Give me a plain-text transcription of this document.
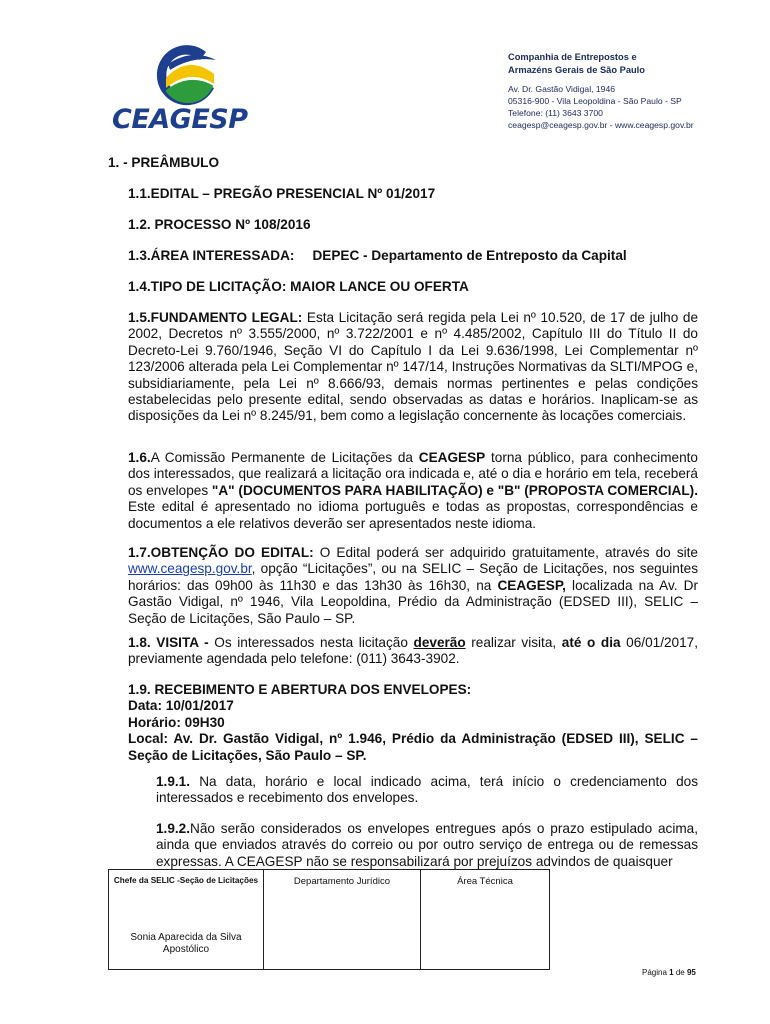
CEAGESP
Companhia de Entrepostos e
Armazéns Gerais de São Paulo
Av. Dr. Gastão Vidigal, 1946
05316-900 - Vila Leopoldina - São Paulo - SP
Telefone: (11) 3643 3700
ceagesp@ceagesp.gov.br - www.ceagesp.gov.br
1. - PREÂMBULO
1.1.EDITAL – PREGÃO PRESENCIAL Nº 01/2017
1.2. PROCESSO Nº 108/2016
1.3.ÁREA INTERESSADA: DEPEC - Departamento de Entreposto da Capital
1.4.TIPO DE LICITAÇÃO: MAIOR LANCE OU OFERTA
1.5.FUNDAMENTO LEGAL: Esta Licitação será regida pela Lei nº 10.520, de 17 de julho de 2002, Decretos nº 3.555/2000, nº 3.722/2001 e nº 4.485/2002, Capítulo III do Título II do Decreto-Lei 9.760/1946, Seção VI do Capítulo I da Lei 9.636/1998, Lei Complementar nº 123/2006 alterada pela Lei Complementar nº 147/14, Instruções Normativas da SLTI/MPOG e, subsidiariamente, pela Lei nº 8.666/93, demais normas pertinentes e pelas condições estabelecidas pelo presente edital, sendo observadas as datas e horários. Inaplicam-se as disposições da Lei nº 8.245/91, bem como a legislação concernente às locações comerciais.
1.6.A Comissão Permanente de Licitações da CEAGESP torna público, para conhecimento dos interessados, que realizará a licitação ora indicada e, até o dia e horário em tela, receberá os envelopes "A" (DOCUMENTOS PARA HABILITAÇÃO) e "B" (PROPOSTA COMERCIAL). Este edital é apresentado no idioma português e todas as propostas, correspondências e documentos a ele relativos deverão ser apresentados neste idioma.
1.7.OBTENÇÃO DO EDITAL: O Edital poderá ser adquirido gratuitamente, através do site www.ceagesp.gov.br, opção “Licitações”, ou na SELIC – Seção de Licitações, nos seguintes horários: das 09h00 às 11h30 e das 13h30 às 16h30, na CEAGESP, localizada na Av. Dr Gastão Vidigal, nº 1946, Vila Leopoldina, Prédio da Administração (EDSED III), SELIC – Seção de Licitações, São Paulo – SP.
1.8. VISITA - Os interessados nesta licitação deverão realizar visita, até o dia 06/01/2017, previamente agendada pelo telefone: (011) 3643-3902.
1.9. RECEBIMENTO E ABERTURA DOS ENVELOPES:
Data: 10/01/2017
Horário: 09H30
Local: Av. Dr. Gastão Vidigal, nº 1.946, Prédio da Administração (EDSED III), SELIC – Seção de Licitações, São Paulo – SP.
1.9.1. Na data, horário e local indicado acima, terá início o credenciamento dos interessados e recebimento dos envelopes.
1.9.2.Não serão considerados os envelopes entregues após o prazo estipulado acima, ainda que enviados através do correio ou por outro serviço de entrega ou de remessas expressas. A CEAGESP não se responsabilizará por prejuízos advindos de quaisquer
Chefe da SELIC -Seção de Licitações
Sonia Aparecida da Silva Apostólico
	Departamento Jurídico	Área Técnica
Página 1 de 95
